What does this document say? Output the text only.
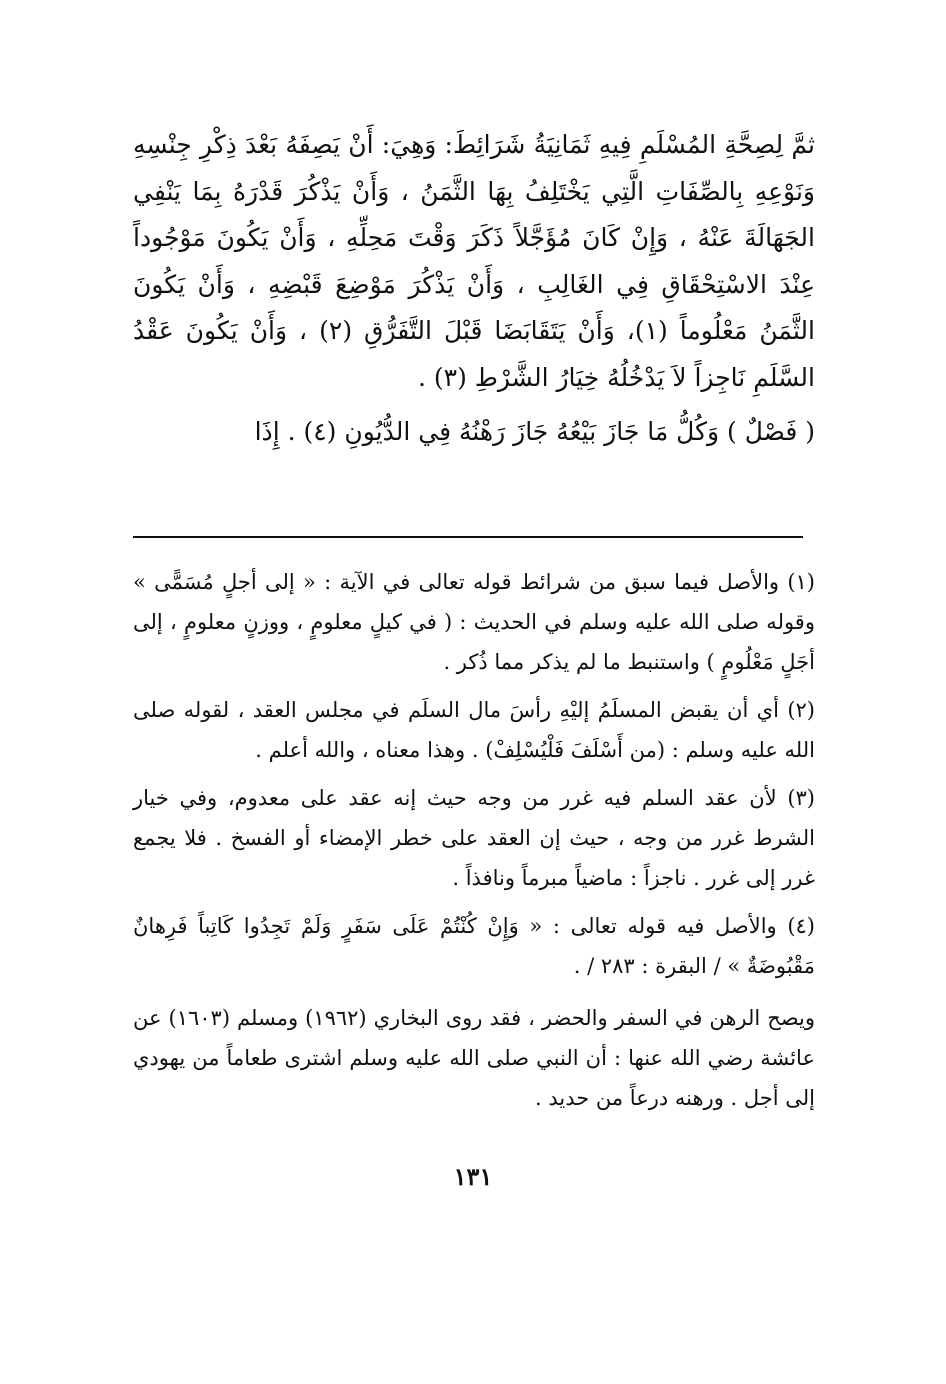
ثمَّ لِصِحَّةِ المُسْلَمِ فِيهِ ثَمَانِيَةُ شَرَائِطَ: وَهِيَ: أَنْ يَصِفَهُ بَعْدَ ذِكْرِ جِنْسِهِ وَنَوْعِهِ بِالصِّفَاتِ الَّتِي يَخْتَلِفُ بِهَا الثَّمَنُ ، وَأَنْ يَذْكُرَ قَدْرَهُ بِمَا يَنْفِي الجَهَالَةَ عَنْهُ ، وَإِنْ كَانَ مُؤَجَّلاً ذَكَرَ وَقْتَ مَحِلِّهِ ، وَأَنْ يَكُونَ مَوْجُوداً عِنْدَ الاسْتِحْقَاقِ فِي الغَالِبِ ، وَأَنْ يَذْكُرَ مَوْضِعَ قَبْضِهِ ، وَأَنْ يَكُونَ الثَّمَنُ مَعْلُوماً (١)، وَأَنْ يَتَقَابَضَا قَبْلَ التَّفَرُّقِ (٢) ، وَأَنْ يَكُونَ عَقْدُ السَّلَمِ نَاجِزاً لاَ يَدْخُلُهُ خِيَارُ الشَّرْطِ (٣) .

( فَصْلٌ ) وَكُلُّ مَا جَازَ بَيْعُهُ جَازَ رَهْنُهُ فِي الدُّيُونِ (٤) . إِذَا

(١) والأصل فيما سبق من شرائط قوله تعالى في الآية : « إلى أجلٍ مُسَمًّى » وقوله صلى الله عليه وسلم في الحديث : ( في كيلٍ معلومٍ ، ووزنٍ معلومٍ ، إلى أجَلٍ مَعْلُومٍ ) واستنبط ما لم يذكر مما ذُكر .

(٢) أي أن يقبض المسلَمُ إليْهِ رأسَ مال السلَم في مجلس العقد ، لقوله صلى الله عليه وسلم : (من أَسْلَفَ فَلْيُسْلِفْ) . وهذا معناه ، والله أعلم .

(٣) لأن عقد السلم فيه غرر من وجه حيث إنه عقد على معدوم، وفي خيار الشرط غرر من وجه ، حيث إن العقد على خطر الإمضاء أو الفسخ . فلا يجمع غرر إلى غرر . ناجزاً : ماضياً مبرماً ونافذاً .

(٤) والأصل فيه قوله تعالى : « وَإِنْ كُنْتُمْ عَلَى سَفَرٍ وَلَمْ تَجِدُوا كَاتِباً فَرِهانٌ مَقْبُوضَةٌ » / البقرة : ٢٨٣ / .

ويصح الرهن في السفر والحضر ، فقد روى البخاري (١٩٦٢) ومسلم (١٦٠٣) عن عائشة رضي الله عنها : أن النبي صلى الله عليه وسلم اشترى طعاماً من يهودي إلى أجل . ورهنه درعاً من حديد .

١٣١
